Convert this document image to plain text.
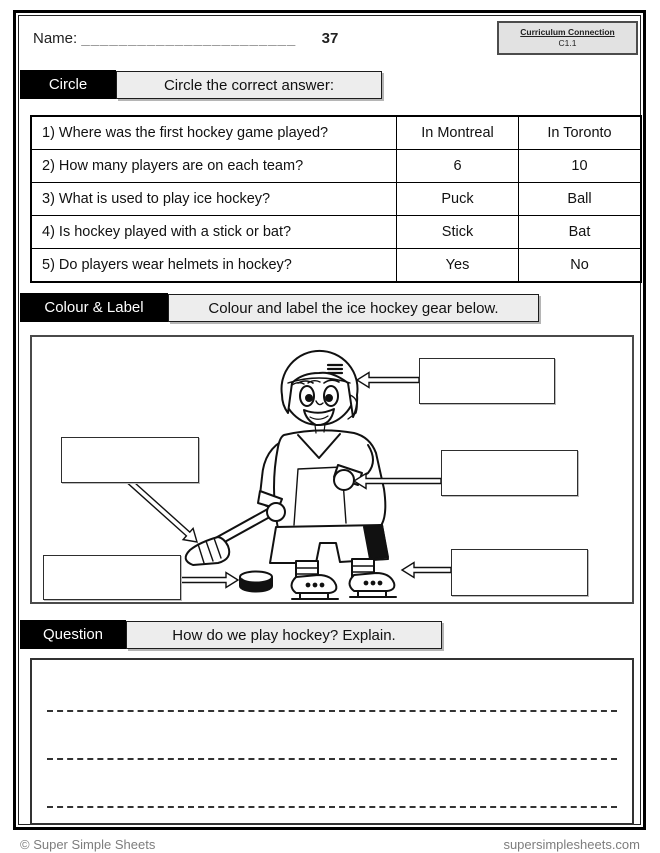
Name: _______________________	37	Curriculum Connection
C1.1
Circle	Circle the correct answer:
1) Where was the first hockey game played?	In Montreal	In Toronto
2) How many players are on each team?	6	10
3) What is used to play ice hockey?	Puck	Ball
4) Is hockey played with a stick or bat?	Stick	Bat
5) Do players wear helmets in hockey?	Yes	No
Colour & Label	Colour and label the ice hockey gear below.
Question	How do we play hockey? Explain.
© Super Simple Sheets	supersimplesheets.com
